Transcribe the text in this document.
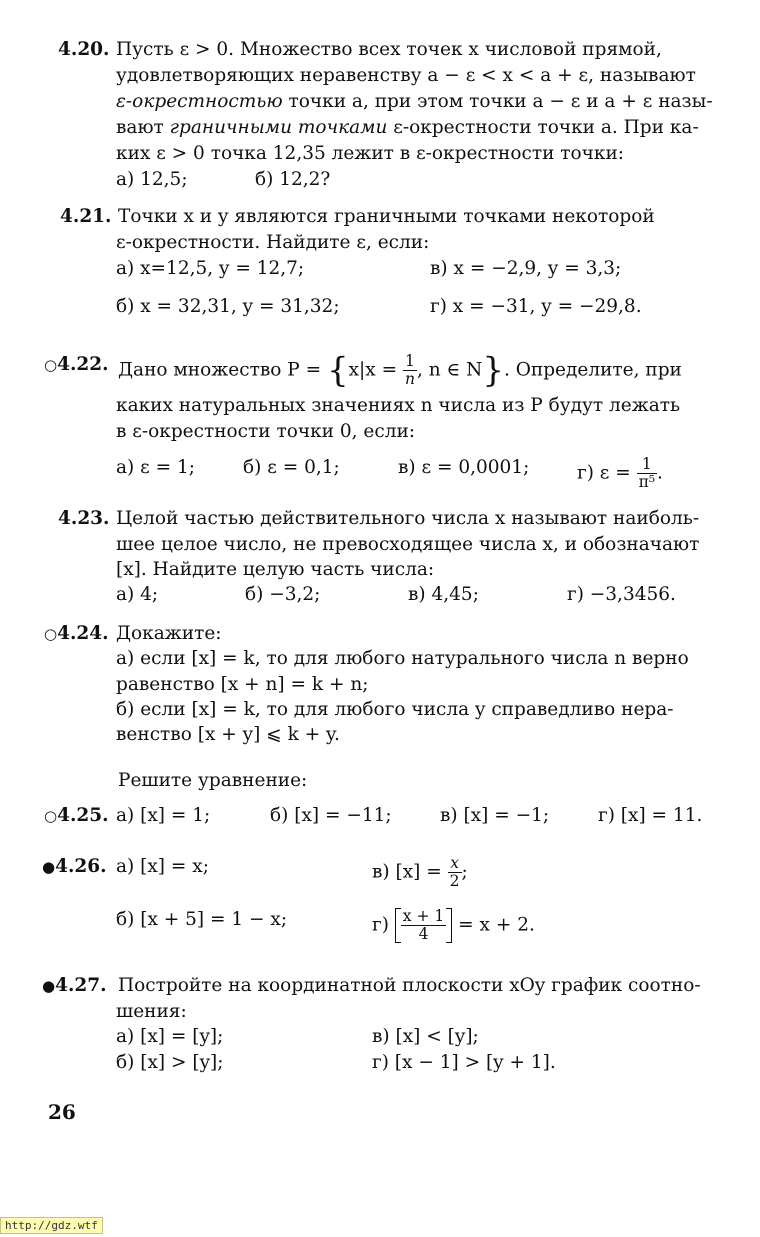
4.20. Пусть ε > 0. Множество всех точек x числовой прямой,
удовлетворяющих неравенству a − ε < x < a + ε, называют
ε-окрестностью точки a, при этом точки a − ε и a + ε назы-
вают граничными точками ε-окрестности точки a. При ка-
ких ε > 0 точка 12,35 лежит в ε-окрестности точки:
а) 12,5;	б) 12,2?
4.21. Точки x и y являются граничными точками некоторой
ε-окрестности. Найдите ε, если:
а) x=12,5, y = 12,7;	в) x = −2,9, y = 3,3;
б) x = 32,31, y = 31,32;	г) x = −31, y = −29,8.
○4.22. Дано множество $P = \{x|x = \frac{1}{n}$ , n ∈ N}. Определите, при
каких натуральных значениях n числа из P будут лежать
в ε-окрестности точки 0, если:
а) ε = 1;	б) ε = 0,1;	в) ε = 0,0001;	г) $\varepsilon = \frac{1}{\text{π⁵}}$ .
4.23. Целой частью действительного числа x называют наиболь-
шее целое число, не превосходящее числа x, и обозначают
[x]. Найдите целую часть числа:
а) 4;	б) −3,2;	в) 4,45;	г) −3,3456.
○4.24. Докажите:
а) если [x] = k, то для любого натурального числа n верно
равенство [x + n] = k + n;
б) если [x] = k, то для любого числа y справедливо нера-
венство [x + y] ⩽ k + y.
Решите уравнение:
○4.25. а) [x] = 1;	б) [x] = −11;	в) [x] = −1;	г) [x] = 11.
●4.26. а) [x] = x;	в) $[x] = \frac{x}{2}$ ;
б) [x + 5] = 1 − x;	$г) \frac{x + 1}{4} = x + 2$.
●4.27. Постройте на координатной плоскости xOy график соотно-
шения:
а) [x] = [y];	в) [x] < [y];
б) [x] > [y];	г) [x − 1] > [y + 1].
26
http://gdz.wtf
